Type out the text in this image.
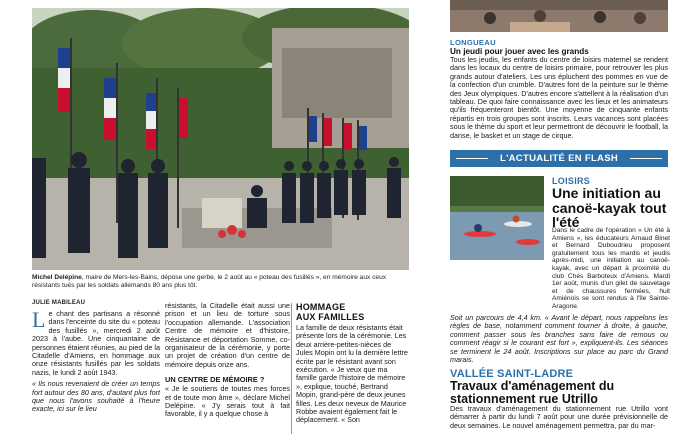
Michel Delépine, maire de Mers-les-Bains, dépose une gerbe, le 2 août au « poteau des fusillés », en mémoire aux ceux résistants tués par les soldats allemands 80 ans plus tôt.

JULIE MABILEAU

Le chant des partisans a résonné dans l'enceinte du site du « poteau des fusillés », mercredi 2 août 2023 à l'aube. Une cinquantaine de personnes étaient réunies, au pied de la Citadelle d'Amiens, en hommage aux onze résistants fusillés par les soldats nazis, le lundi 2 août 1943.

« Ils nous revenaient de créer un temps fort autour des 80 ans, d'autant plus fort que nous l'avons souhaité à l'heure exacte, ici sur le lieu

résistants, la Citadelle était aussi une prison et un lieu de torture sous l'occupation allemande. L'association Centre de mémoire et d'histoire, Résistance et déportation Somme, co-organisateur de la cérémonie, y porte un projet de création d'un centre de mémoire depuis onze ans.

UN CENTRE DE MÉMOIRE ?

« Je le soutiens de toutes mes forces et de toute mon âme », déclare Michel Delépine. « J'y serais tout à fait favorable, il y a quelque chose à

HOMMAGE

AUX FAMILLES

La famille de deux résistants était présente lors de la cérémonie. Les deux arrière-petites-nièces de Jules Mopin ont lu la dernière lettre écrite par le résistant avant son exécution. « Je veux que ma famille garde l'histoire de mémoire », explique, touché, Bertrand Mopin, grand-père de deux jeunes filles. Les deux neveux de Maurice Robbe avaient également fait le déplacement. « Son

LONGUEAU
Un jeudi pour jouer avec les grands

Tous les jeudis, les enfants du centre de loisirs maternel se rendent dans les locaux du centre de loisirs primaire, pour retrouver les plus grands autour d'ateliers. Les uns épluchent des pommes en vue de la confection d'un crumble. D'autres font de la peinture sur le thème des Jeux olympiques. D'autres encore s'attellent à la réalisation d'un tableau. De quoi faire connaissance avec les lieux et les animateurs qu'ils fréquenteront bientôt. Une moyenne de cinquante enfants répartis en trois groupes sont inscrits. Leurs vacances sont placées sous le thème du sport et leur permettront de découvrir le football, la danse, le basket et un stage de cirque.

L'ACTUALITÉ EN FLASH
LOISIRS

Une initiation au canoë-kayak tout l'été

Dans le cadre de l'opération « Un été à Amiens », les éducateurs Arnaud Binet et Bernard Duboudrieu proposent gratuitement tous les mardis et jeudis après-midi, une initiation au canoë-kayak, avec un départ à proximité du club Chés Barboteux d'Amiens. Mardi 1er août, munis d'un gilet de sauvetage et de chaussures fermées, huit Amiénois se sont rendus à l'île Sainte-Aragone.

Soit un parcours de 4,4 km. « Avant le départ, nous rappelons les règles de base, notamment comment tourner à droite, à gauche, comment passer sous les branches sans faire de remous ou comment réagir si le courant est fort », expliquent-ils. Les séances se terminent le 24 août. Inscriptions sur place au parc du Grand marais.

VALLÉE SAINT-LADRE

Travaux d'aménagement du stationnement rue Utrillo

Des travaux d'aménagement du stationnement rue Utrillo vont démarrer à partir du lundi 7 août pour une durée prévisionnelle de deux semaines. Le nouvel aménagement permettra, par du mar-
